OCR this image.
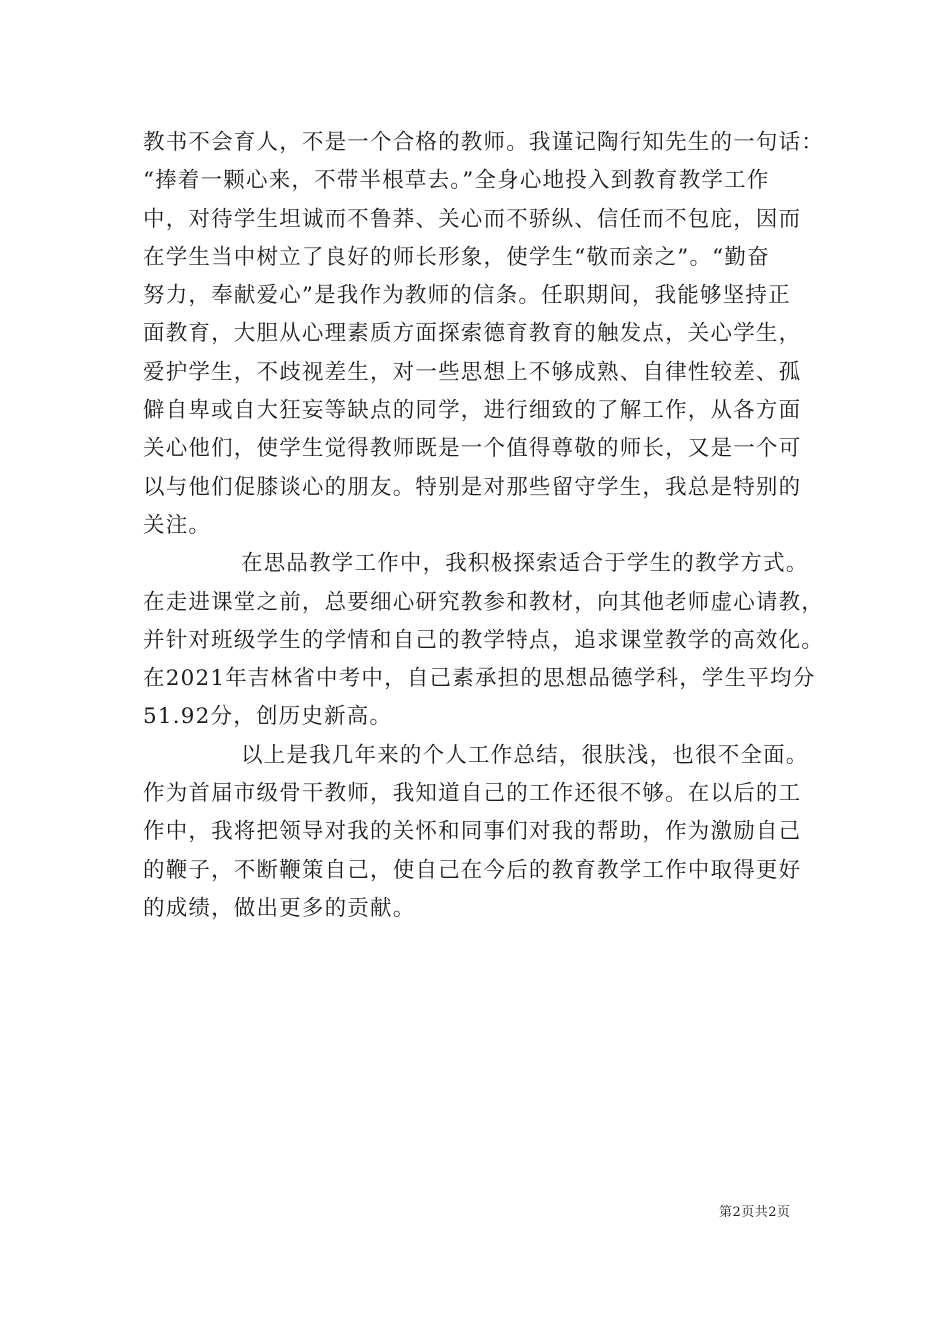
教书不会育人，不是一个合格的教师。我谨记陶行知先生的一句话：
“捧着一颗心来，不带半根草去。”全身心地投入到教育教学工作
中，对待学生坦诚而不鲁莽、关心而不骄纵、信任而不包庇，因而
在学生当中树立了良好的师长形象，使学生“敬而亲之”。“勤奋
努力，奉献爱心”是我作为教师的信条。任职期间，我能够坚持正
面教育，大胆从心理素质方面探索德育教育的触发点，关心学生，
爱护学生，不歧视差生，对一些思想上不够成熟、自律性较差、孤
僻自卑或自大狂妄等缺点的同学，进行细致的了解工作，从各方面
关心他们，使学生觉得教师既是一个值得尊敬的师长，又是一个可
以与他们促膝谈心的朋友。特别是对那些留守学生，我总是特别的
关注。

在思品教学工作中，我积极探索适合于学生的教学方式。
在走进课堂之前，总要细心研究教参和教材，向其他老师虚心请教，
并针对班级学生的学情和自己的教学特点，追求课堂教学的高效化。
在2021年吉林省中考中，自己素承担的思想品德学科，学生平均分
51.92分，创历史新高。

以上是我几年来的个人工作总结，很肤浅，也很不全面。
作为首届市级骨干教师，我知道自己的工作还很不够。在以后的工
作中，我将把领导对我的关怀和同事们对我的帮助，作为激励自己
的鞭子，不断鞭策自己，使自己在今后的教育教学工作中取得更好
的成绩，做出更多的贡献。

第2页共2页
